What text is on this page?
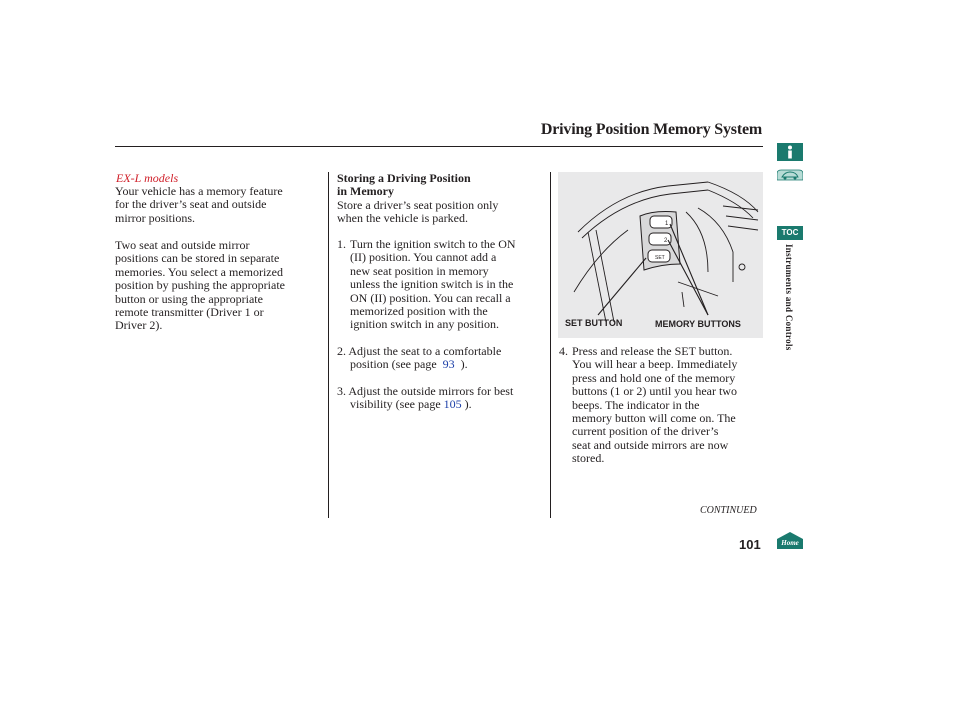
Driving Position Memory System
EX-L models
Your vehicle has a memory feature
for the driver’s seat and outside
mirror positions.
Two seat and outside mirror
positions can be stored in separate
memories. You select a memorized
position by pushing the appropriate
button or using the appropriate
remote transmitter (Driver 1 or
Driver 2).
Storing a Driving Position
in Memory
Store a driver’s seat position only
when the vehicle is parked.
1. Turn the ignition switch to the ON
(II) position. You cannot add a
new seat position in memory
unless the ignition switch is in the
ON (II) position. You can recall a
memorized position with the
ignition switch in any position.
2. Adjust the seat to a comfortable
position (see page 93 ).
3. Adjust the outside mirrors for best
visibility (see page 105 ).
1
2
SET
SET BUTTON	MEMORY BUTTONS
4. Press and release the SET button.
You will hear a beep. Immediately
press and hold one of the memory
buttons (1 or 2) until you hear two
beeps. The indicator in the
memory button will come on. The
current position of the driver’s
seat and outside mirrors are now
stored.
CONTINUED
101
TOC
Instruments and Controls
Home
